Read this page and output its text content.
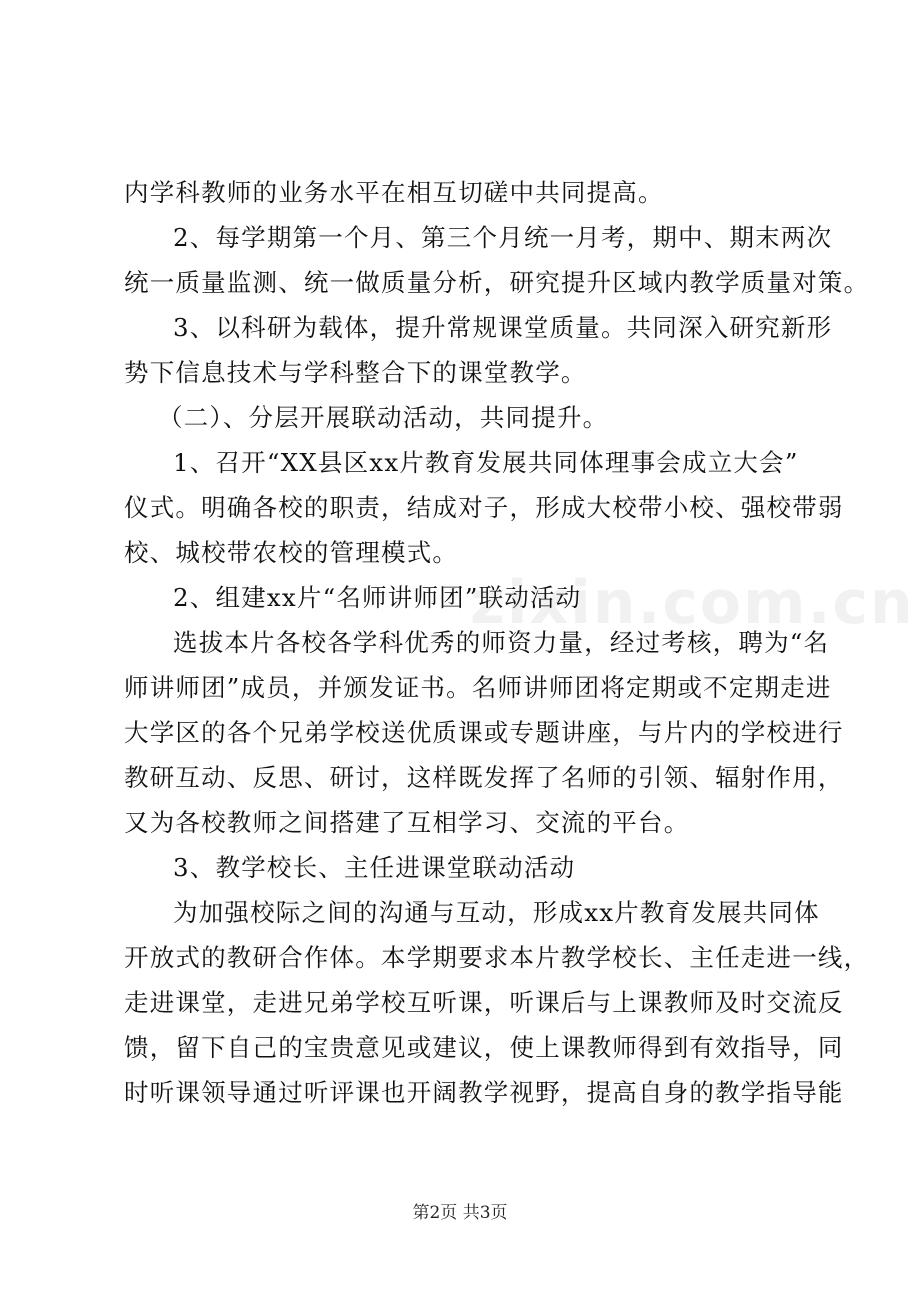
zixin.com.cn
内学科教师的业务水平在相互切磋中共同提高。
2、每学期第一个月、第三个月统一月考，期中、期末两次
统一质量监测、统一做质量分析，研究提升区域内教学质量对策。
3、以科研为载体，提升常规课堂质量。共同深入研究新形
势下信息技术与学科整合下的课堂教学。
（二）、分层开展联动活动，共同提升。
1、召开“XX县区xx片教育发展共同体理事会成立大会”
仪式。明确各校的职责，结成对子，形成大校带小校、强校带弱
校、城校带农校的管理模式。
2、组建xx片“名师讲师团”联动活动
选拔本片各校各学科优秀的师资力量，经过考核，聘为“名
师讲师团”成员，并颁发证书。名师讲师团将定期或不定期走进
大学区的各个兄弟学校送优质课或专题讲座，与片内的学校进行
教研互动、反思、研讨，这样既发挥了名师的引领、辐射作用，
又为各校教师之间搭建了互相学习、交流的平台。
3、教学校长、主任进课堂联动活动
为加强校际之间的沟通与互动，形成xx片教育发展共同体
开放式的教研合作体。本学期要求本片教学校长、主任走进一线，
走进课堂，走进兄弟学校互听课，听课后与上课教师及时交流反
馈，留下自己的宝贵意见或建议，使上课教师得到有效指导，同
时听课领导通过听评课也开阔教学视野，提高自身的教学指导能
第2页 共3页
